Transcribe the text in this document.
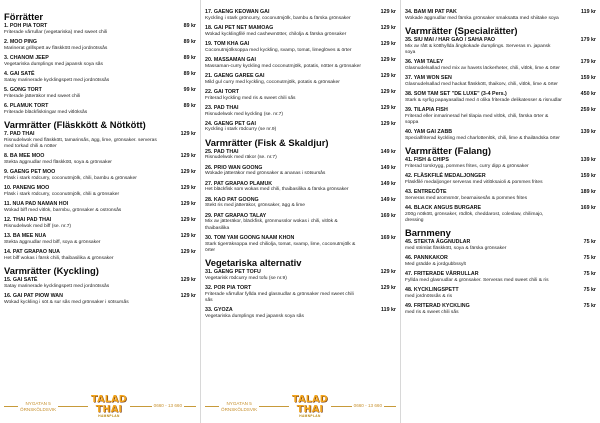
Förrätter
1. POH PIA TORT	89 kr
Friterade vårrullar (vegetariska) med sweet chili
2. MOO PING	89 kr
Marinerat grillspett av fläskkött med jordnötssås
3. CHANOM JEEP	89 kr
Vegetariska dumplings med japansk soya sås
4. GAI SATÉ	89 kr
Satay marinerade kycklingspett med jordnötssås
5. GONG TORT	99 kr
Friterade jätteräkor med sweet chili
6. PLAMUK TORT	89 kr
Friterade bläckfiskringar med vitlöksås
Varmrätter (Fläskkött & Nötkött)
7. PAD THAI	129 kr
Risnudelwok med fläskkött, tamarinsås, ägg, lime, grönsaker. serveras med torkad chili & nötter
8. BA MEE MOO	129 kr
Stekta äggnudlar med fläskkött, soya & grönsaker
9. GAENG PET MOO	129 kr
Fläsk i stark rödcurry, coconutmjölk, chili, bambu & grönsaker
10. PANENG MOO	129 kr
Fläsk i stark rödcurry, coconutmjölk, chili & grönsaker
11. NUA PAD NAMAN HOI	129 kr
Wokad biff med vitlök, barmbu, grönsaker & ostronsås
12. THAI PAD THAI	129 kr
Risnudelwok med biff (se. nr.7)
13. BA MEE NUA	129 kr
Stekta äggnudlar med biff, soya & grönsaker
14. PAT GRAPAO NUA	129 kr
Het biff wokas i färsk chili, thaibasilika & grönsaker
Varmrätter (Kyckling)
15. GAI SATÉ	129 kr
Satay marinerade kycklingspett med jordnötssås
16. GAI PAT PIOW WAN	129 kr
Wokad kyckling i söt & sur sås med grönsaker i sötsursås
NYGATAN 5
ÖRNSKÖLDSVIK
TALAD
THAI
HAMNPLAN
0660 - 13 660
17. GAENG KEOWAN GAI	129 kr
Kyckling i stark gröncurry, coconutmjölk, bambu & färska grönsaker
18. GAI PET NET MAMOAG	129 kr
Wokad kycklingfilé med cashewnötter, chilolja & färska grönsaker
19. TOM KHA GAI	129 kr
Coconutmjölksoppa med kyckling, svamp, tomat, limeglöves & örter
20. MASSAMAN GAI	129 kr
Massaman-curry kyckling med coconutmjölk, potatis, nötter & grönsaker
21. GAENG GAREE GAI	129 kr
Mild gul curry med kyckling, coconutmjölk, potatis & grönsaker
22. GAI TORT	129 kr
Friterad kyckling med ris & sweet chili sås
23. PAD THAI	129 kr
Risnudelwok med kyckling (se. nr.7)
24. GAENG PET GAI	129 kr
Kyckling i stark rödcurry (se nr.9)
Varmrätter (Fisk & Skaldjur)
25. PAD THAI	149 kr
Risnudelwok med räkor (se. nr.7)
26. PRIO WAN GOONG	149 kr
Wokade jätteräkor med grönsaker & ananas i sötsursås
27. PAT GRAPAO PLAMUK	149 kr
Het bläckfisk som wokas med chili, thaibasilika & färska grönsaker
28. KAO PAT GOONG	149 kr
Stekt ris med jätteräkor, grönsaker, ägg & lime
29. PAT GRAPAO TALAY	169 kr
Mix av jätteräkor, bläckfisk, grönmusslor wokas i chili, vitlök & thaibasilika
30. TOM YAM GOONG NAAM KHON	169 kr
Stark tigerräksoppa med chiliolja, tomat, svamp, lime, coconutmjölk & örter
Vegetariska alternativ
31. GAENG PET TOFU	129 kr
Vegetarisk rödcurry med tofu (se nr.9)
32. POR PIA TORT	129 kr
Friterade vårrullar fyllda med glasnudlar & grönsaker med sweet chili sås
33. GYOZA	119 kr
Vegetariska dumplings med japansk soya sås
NYGATAN 5
ÖRNSKÖLDSVIK
TALAD
THAI
HAMNPLAN
0660 - 13 660
34. BAM MI PAT PAK	119 kr
Wokade äggnudlar med färska grönsaker smaksatta med shiitake soya
Varmrätter (Specialrätter)
35. SIU MAI / HAR GAO / SAHA PAO	179 kr
Mix av rått & kötthyllda ångkokade dumplings. Serveras m. japansk soya
36. YAM TALEY	179 kr
Glasnudelsallad med mix av havets läckerheter, chili, vitlök, lime & örter
37. YAM WON SEN	159 kr
Glasnudelsallad med hackat fläskkött, thaikorv, chili, vitlök, lime & örter
38. SOM TAM SET "DE LUXE" (3-4 Pers.)	450 kr
Stark & syrlig papayasallad med 4 olika friterade delikatesser & risnudlar
39. TILAPIA FISH	259 kr
Friterad eller inmarinerad hel tilapia med vitlök, chili, färska örter & soppa
40. YAM GAI ZABB	139 kr
Specialfriterad kyckling med charlottenlök, chili, lime & thailändska örter
Varmrätter (Falang)
41. FISH & CHIPS	139 kr
Friterad torskrygg, pommes frites, curry dipp & grönsaker
42. FLÄSKFILÉ MEDALJONGER	159 kr
Fläskfilé medaljonger serveras med vitlöksaioli & pommes frites
43. ENTRECÔTE	189 kr
Serveras med aromsmör, bearnaisesås & pommes frites
44. BLACK ANGUS BURGARE	169 kr
200g nötkött, grönsaker, rödlök, cheddarost, coleslaw, chilimajo, dressing
Barnmeny
45. STEKTA ÄGGNUDLAR	75 kr
med strimlat fläskkött, soya & färska grönsaker
46. PANNKAKOR	75 kr
Med grädde & jordgubbssylt
47. FRITERADE VÅRRULLAR	75 kr
Fyllda med glasnudlar & grönsaker. Serveras med sweet chili & ris
48. KYCKLINGSPETT	75 kr
med jordnötssås & ris
49. FRITERAD KYCKLING	75 kr
med ris & sweet chili sås
